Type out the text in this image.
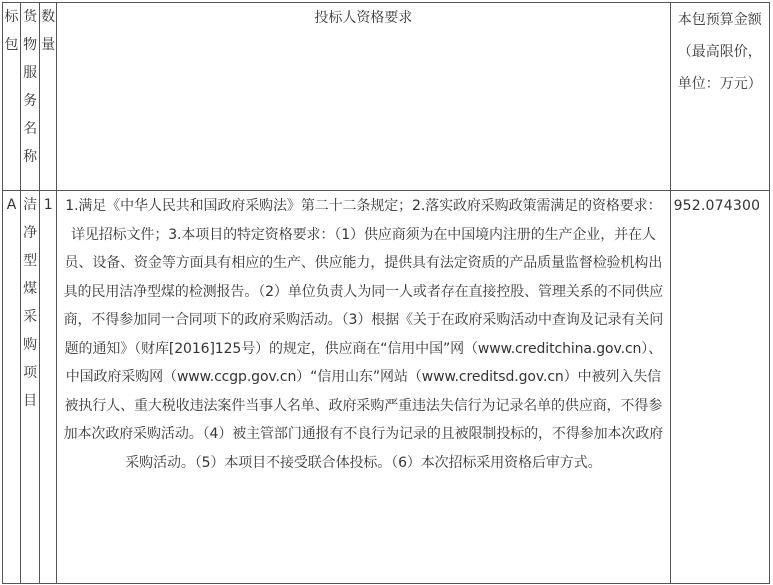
标包	货物服务名称	数量	投标人资格要求	本包预算金额（最高限价，单位：万元）

A	洁净型煤采购项目	1	1.满足《中华人民共和国政府采购法》第二十二条规定；2.落实政府采购政策需满足的资格要求：详见招标文件；3.本项目的特定资格要求：（1）供应商须为在中国境内注册的生产企业，并在人员、设备、资金等方面具有相应的生产、供应能力，提供具有法定资质的产品质量监督检验机构出具的民用洁净型煤的检测报告。（2）单位负责人为同一人或者存在直接控股、管理关系的不同供应商，不得参加同一合同项下的政府采购活动。（3）根据《关于在政府采购活动中查询及记录有关问题的通知》（财库[2016]125号）的规定，供应商在“信用中国”网（www.creditchina.gov.cn）、中国政府采购网（www.ccgp.gov.cn）“信用山东”网站（www.creditsd.gov.cn）中被列入失信被执行人、重大税收违法案件当事人名单、政府采购严重违法失信行为记录名单的供应商，不得参加本次政府采购活动。（4）被主管部门通报有不良行为记录的且被限制投标的，不得参加本次政府采购活动。（5）本项目不接受联合体投标。（6）本次招标采用资格后审方式。	952.074300
